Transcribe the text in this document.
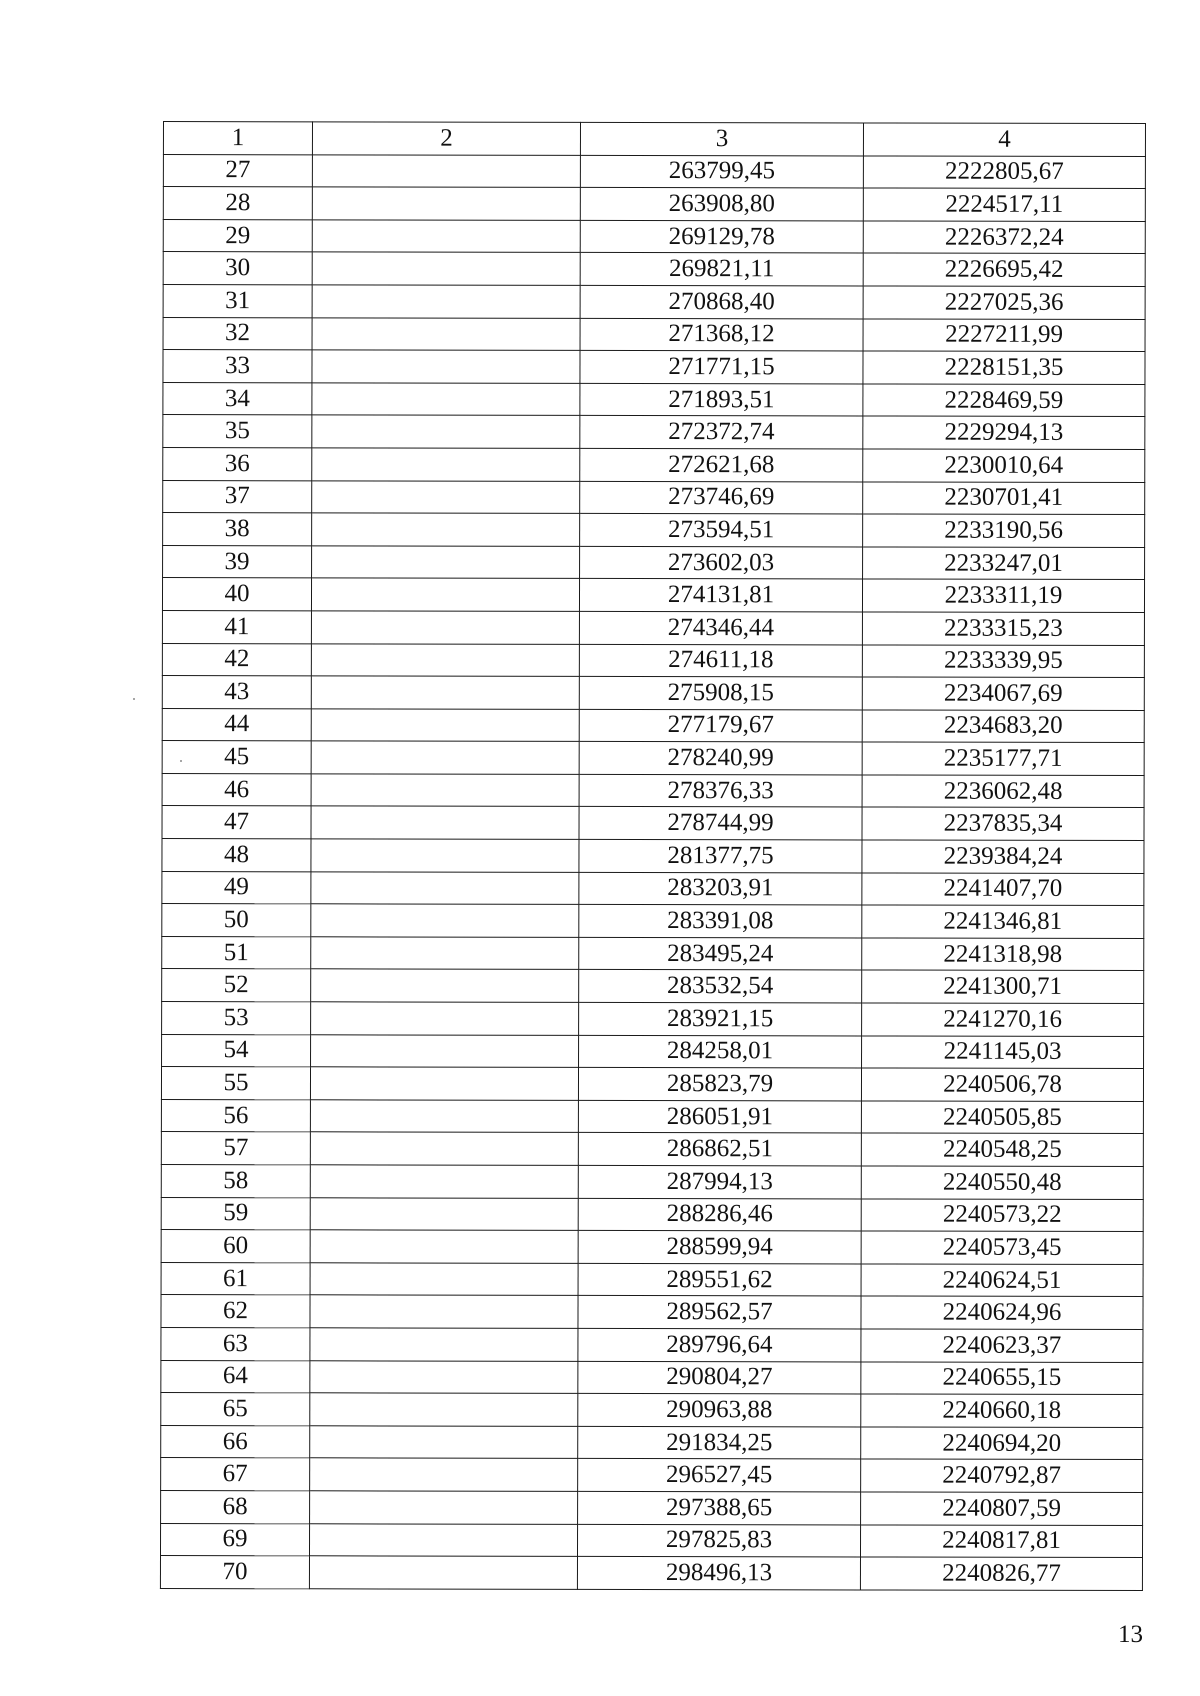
1	2	3	4
27		263799,45	2222805,67
28		263908,80	2224517,11
29		269129,78	2226372,24
30		269821,11	2226695,42
31		270868,40	2227025,36
32		271368,12	2227211,99
33		271771,15	2228151,35
34		271893,51	2228469,59
35		272372,74	2229294,13
36		272621,68	2230010,64
37		273746,69	2230701,41
38		273594,51	2233190,56
39		273602,03	2233247,01
40		274131,81	2233311,19
41		274346,44	2233315,23
42		274611,18	2233339,95
43		275908,15	2234067,69
44		277179,67	2234683,20
45		278240,99	2235177,71
46		278376,33	2236062,48
47		278744,99	2237835,34
48		281377,75	2239384,24
49		283203,91	2241407,70
50		283391,08	2241346,81
51		283495,24	2241318,98
52		283532,54	2241300,71
53		283921,15	2241270,16
54		284258,01	2241145,03
55		285823,79	2240506,78
56		286051,91	2240505,85
57		286862,51	2240548,25
58		287994,13	2240550,48
59		288286,46	2240573,22
60		288599,94	2240573,45
61		289551,62	2240624,51
62		289562,57	2240624,96
63		289796,64	2240623,37
64		290804,27	2240655,15
65		290963,88	2240660,18
66		291834,25	2240694,20
67		296527,45	2240792,87
68		297388,65	2240807,59
69		297825,83	2240817,81
70		298496,13	2240826,77
13
